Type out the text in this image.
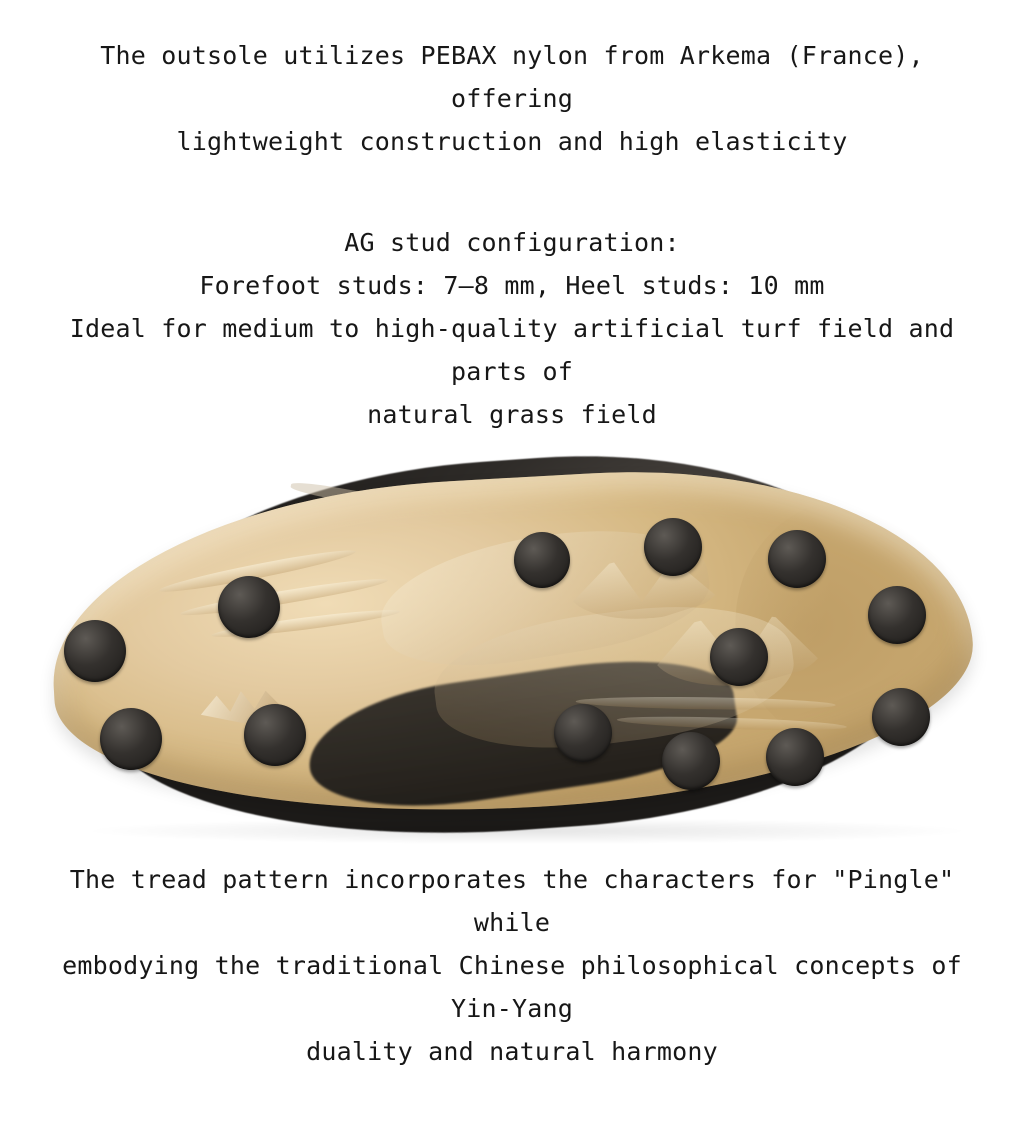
The outsole utilizes PEBAX nylon from Arkema (France), offering
lightweight construction and high elasticity
AG stud configuration:
Forefoot studs: 7–8 mm, Heel studs: 10 mm
Ideal for medium to high-quality artificial turf field and parts of
natural grass field
The tread pattern incorporates the characters for "Pingle" while
embodying the traditional Chinese philosophical concepts of Yin-Yang
duality and natural harmony
